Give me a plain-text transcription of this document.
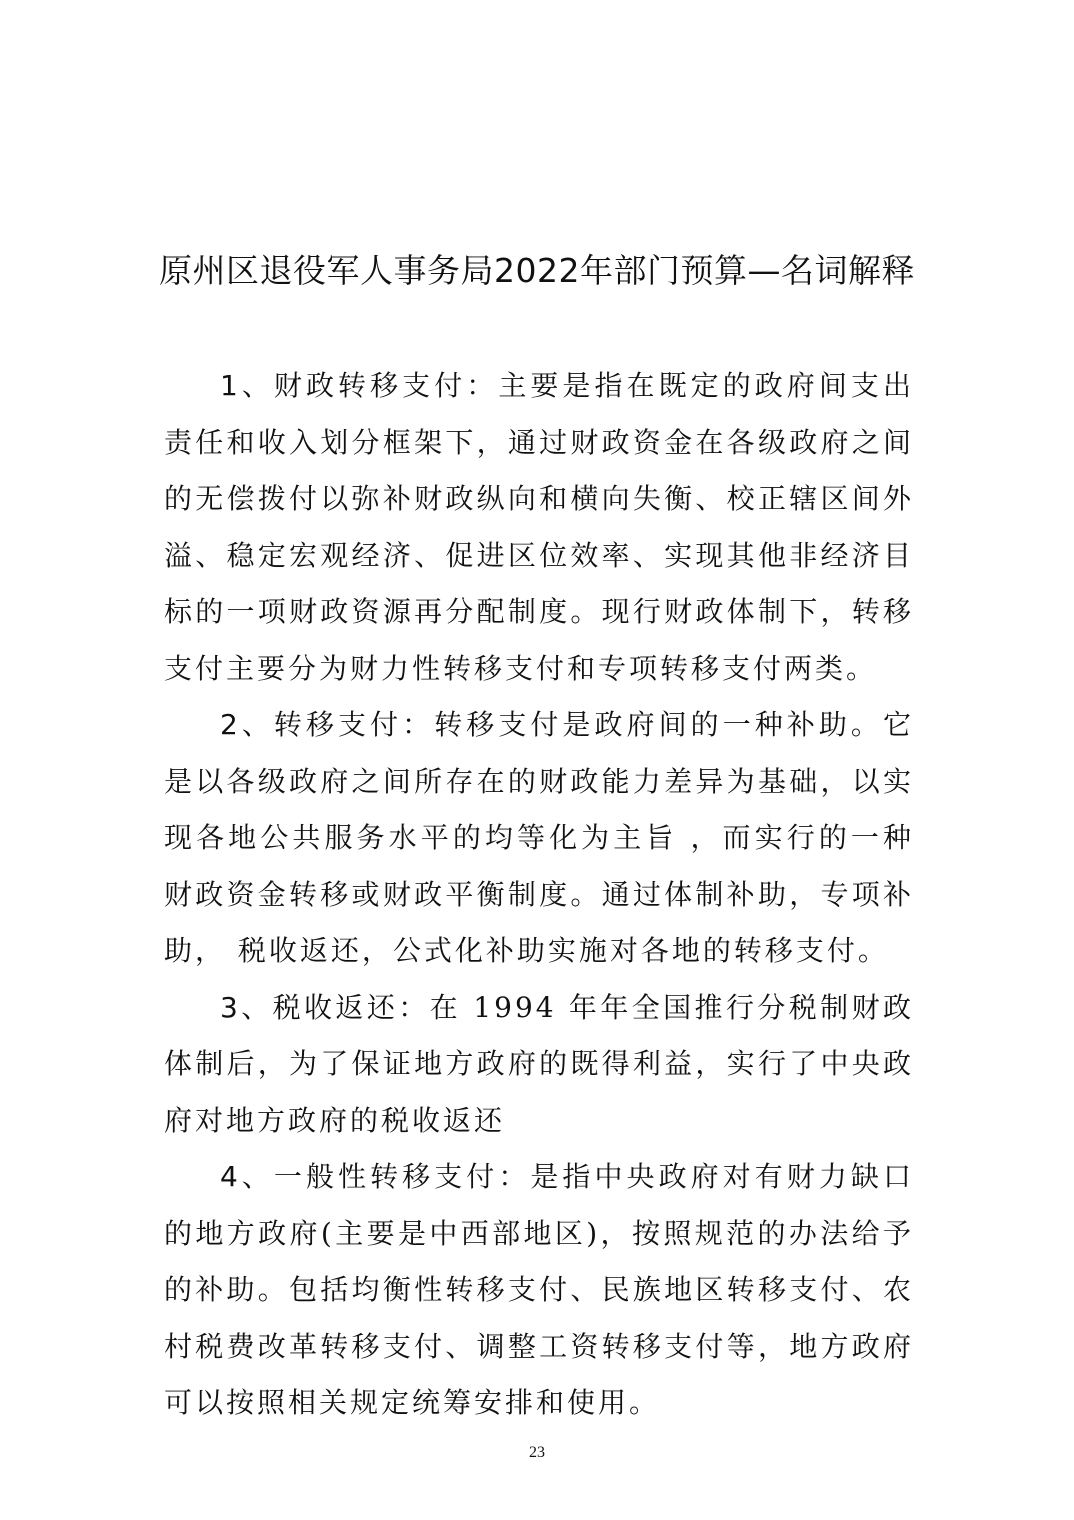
原州区退役军人事务局2022年部门预算—名词解释

1、财政转移支付：主要是指在既定的政府间支出责任和收入划分框架下，通过财政资金在各级政府之间的无偿拨付以弥补财政纵向和横向失衡、校正辖区间外溢、稳定宏观经济、促进区位效率、实现其他非经济目标的一项财政资源再分配制度。现行财政体制下，转移支付主要分为财力性转移支付和专项转移支付两类。

2、转移支付：转移支付是政府间的一种补助。它是以各级政府之间所存在的财政能力差异为基础，以实现各地公共服务水平的均等化为主旨 ，而实行的一种财政资金转移或财政平衡制度。通过体制补助，专项补助， 税收返还，公式化补助实施对各地的转移支付。

3、税收返还：在 1994 年年全国推行分税制财政体制后，为了保证地方政府的既得利益，实行了中央政府对地方政府的税收返还

4、一般性转移支付：是指中央政府对有财力缺口的地方政府(主要是中西部地区)，按照规范的办法给予的补助。包括均衡性转移支付、民族地区转移支付、农村税费改革转移支付、调整工资转移支付等，地方政府可以按照相关规定统筹安排和使用。

23
